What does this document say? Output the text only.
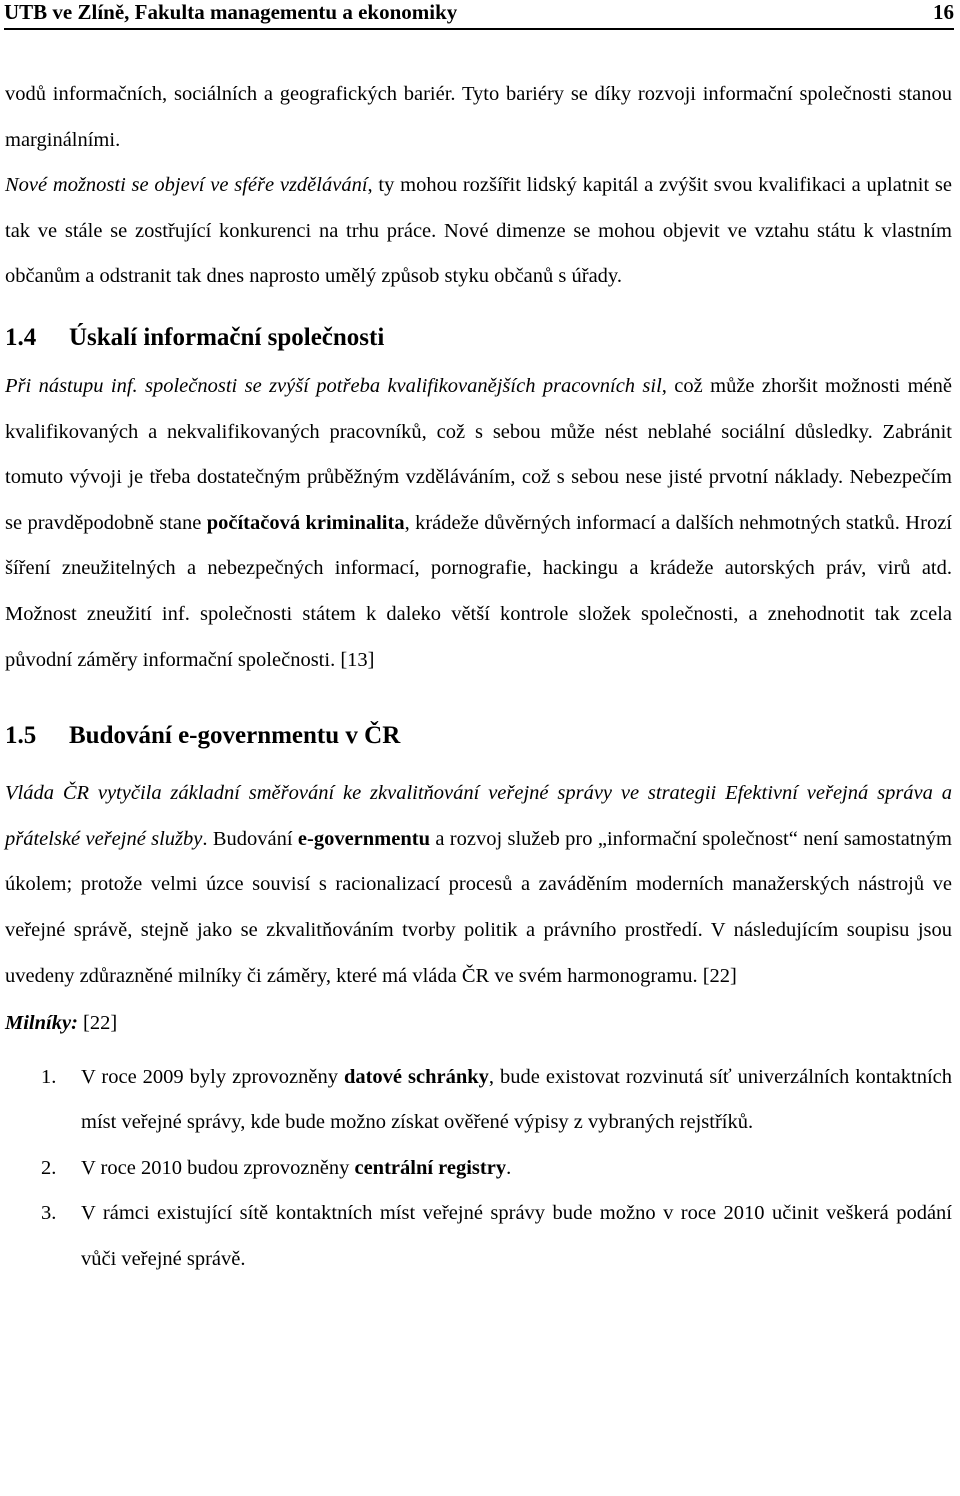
UTB ve Zlíně, Fakulta managementu a ekonomiky	16

vodů informačních, sociálních a geografických bariér. Tyto bariéry se díky rozvoji informační společnosti stanou marginálními.

Nové možnosti se objeví ve sféře vzdělávání, ty mohou rozšířit lidský kapitál a zvýšit svou kvalifikaci a uplatnit se tak ve stále se zostřující konkurenci na trhu práce. Nové dimenze se mohou objevit ve vztahu státu k vlastním občanům a odstranit tak dnes naprosto umělý způsob styku občanů s úřady.

1.4 Úskalí informační společnosti

Při nástupu inf. společnosti se zvýší potřeba kvalifikovanějších pracovních sil, což může zhoršit možnosti méně kvalifikovaných a nekvalifikovaných pracovníků, což s sebou může nést neblahé sociální důsledky. Zabránit tomuto vývoji je třeba dostatečným průběžným vzděláváním, což s sebou nese jisté prvotní náklady. Nebezpečím se pravděpodobně stane počítačová kriminalita, krádeže důvěrných informací a dalších nehmotných statků. Hrozí šíření zneužitelných a nebezpečných informací, pornografie, hackingu a krádeže autorských práv, virů atd. Možnost zneužití inf. společnosti státem k daleko větší kontrole složek společnosti, a znehodnotit tak zcela původní záměry informační společnosti. [13]

1.5 Budování e-governmentu v ČR

Vláda ČR vytyčila základní směřování ke zkvalitňování veřejné správy ve strategii Efektivní veřejná správa a přátelské veřejné služby. Budování e-governmentu a rozvoj služeb pro „informační společnost“ není samostatným úkolem; protože velmi úzce souvisí s racionalizací procesů a zaváděním moderních manažerských nástrojů ve veřejné správě, stejně jako se zkvalitňováním tvorby politik a právního prostředí. V následujícím soupisu jsou uvedeny zdůrazněné milníky či záměry, které má vláda ČR ve svém harmonogramu. [22]

Milníky: [22]

1. V roce 2009 byly zprovozněny datové schránky, bude existovat rozvinutá síť univerzálních kontaktních míst veřejné správy, kde bude možno získat ověřené výpisy z vybraných rejstříků.
2. V roce 2010 budou zprovozněny centrální registry.
3. V rámci existující sítě kontaktních míst veřejné správy bude možno v roce 2010 učinit veškerá podání vůči veřejné správě.
